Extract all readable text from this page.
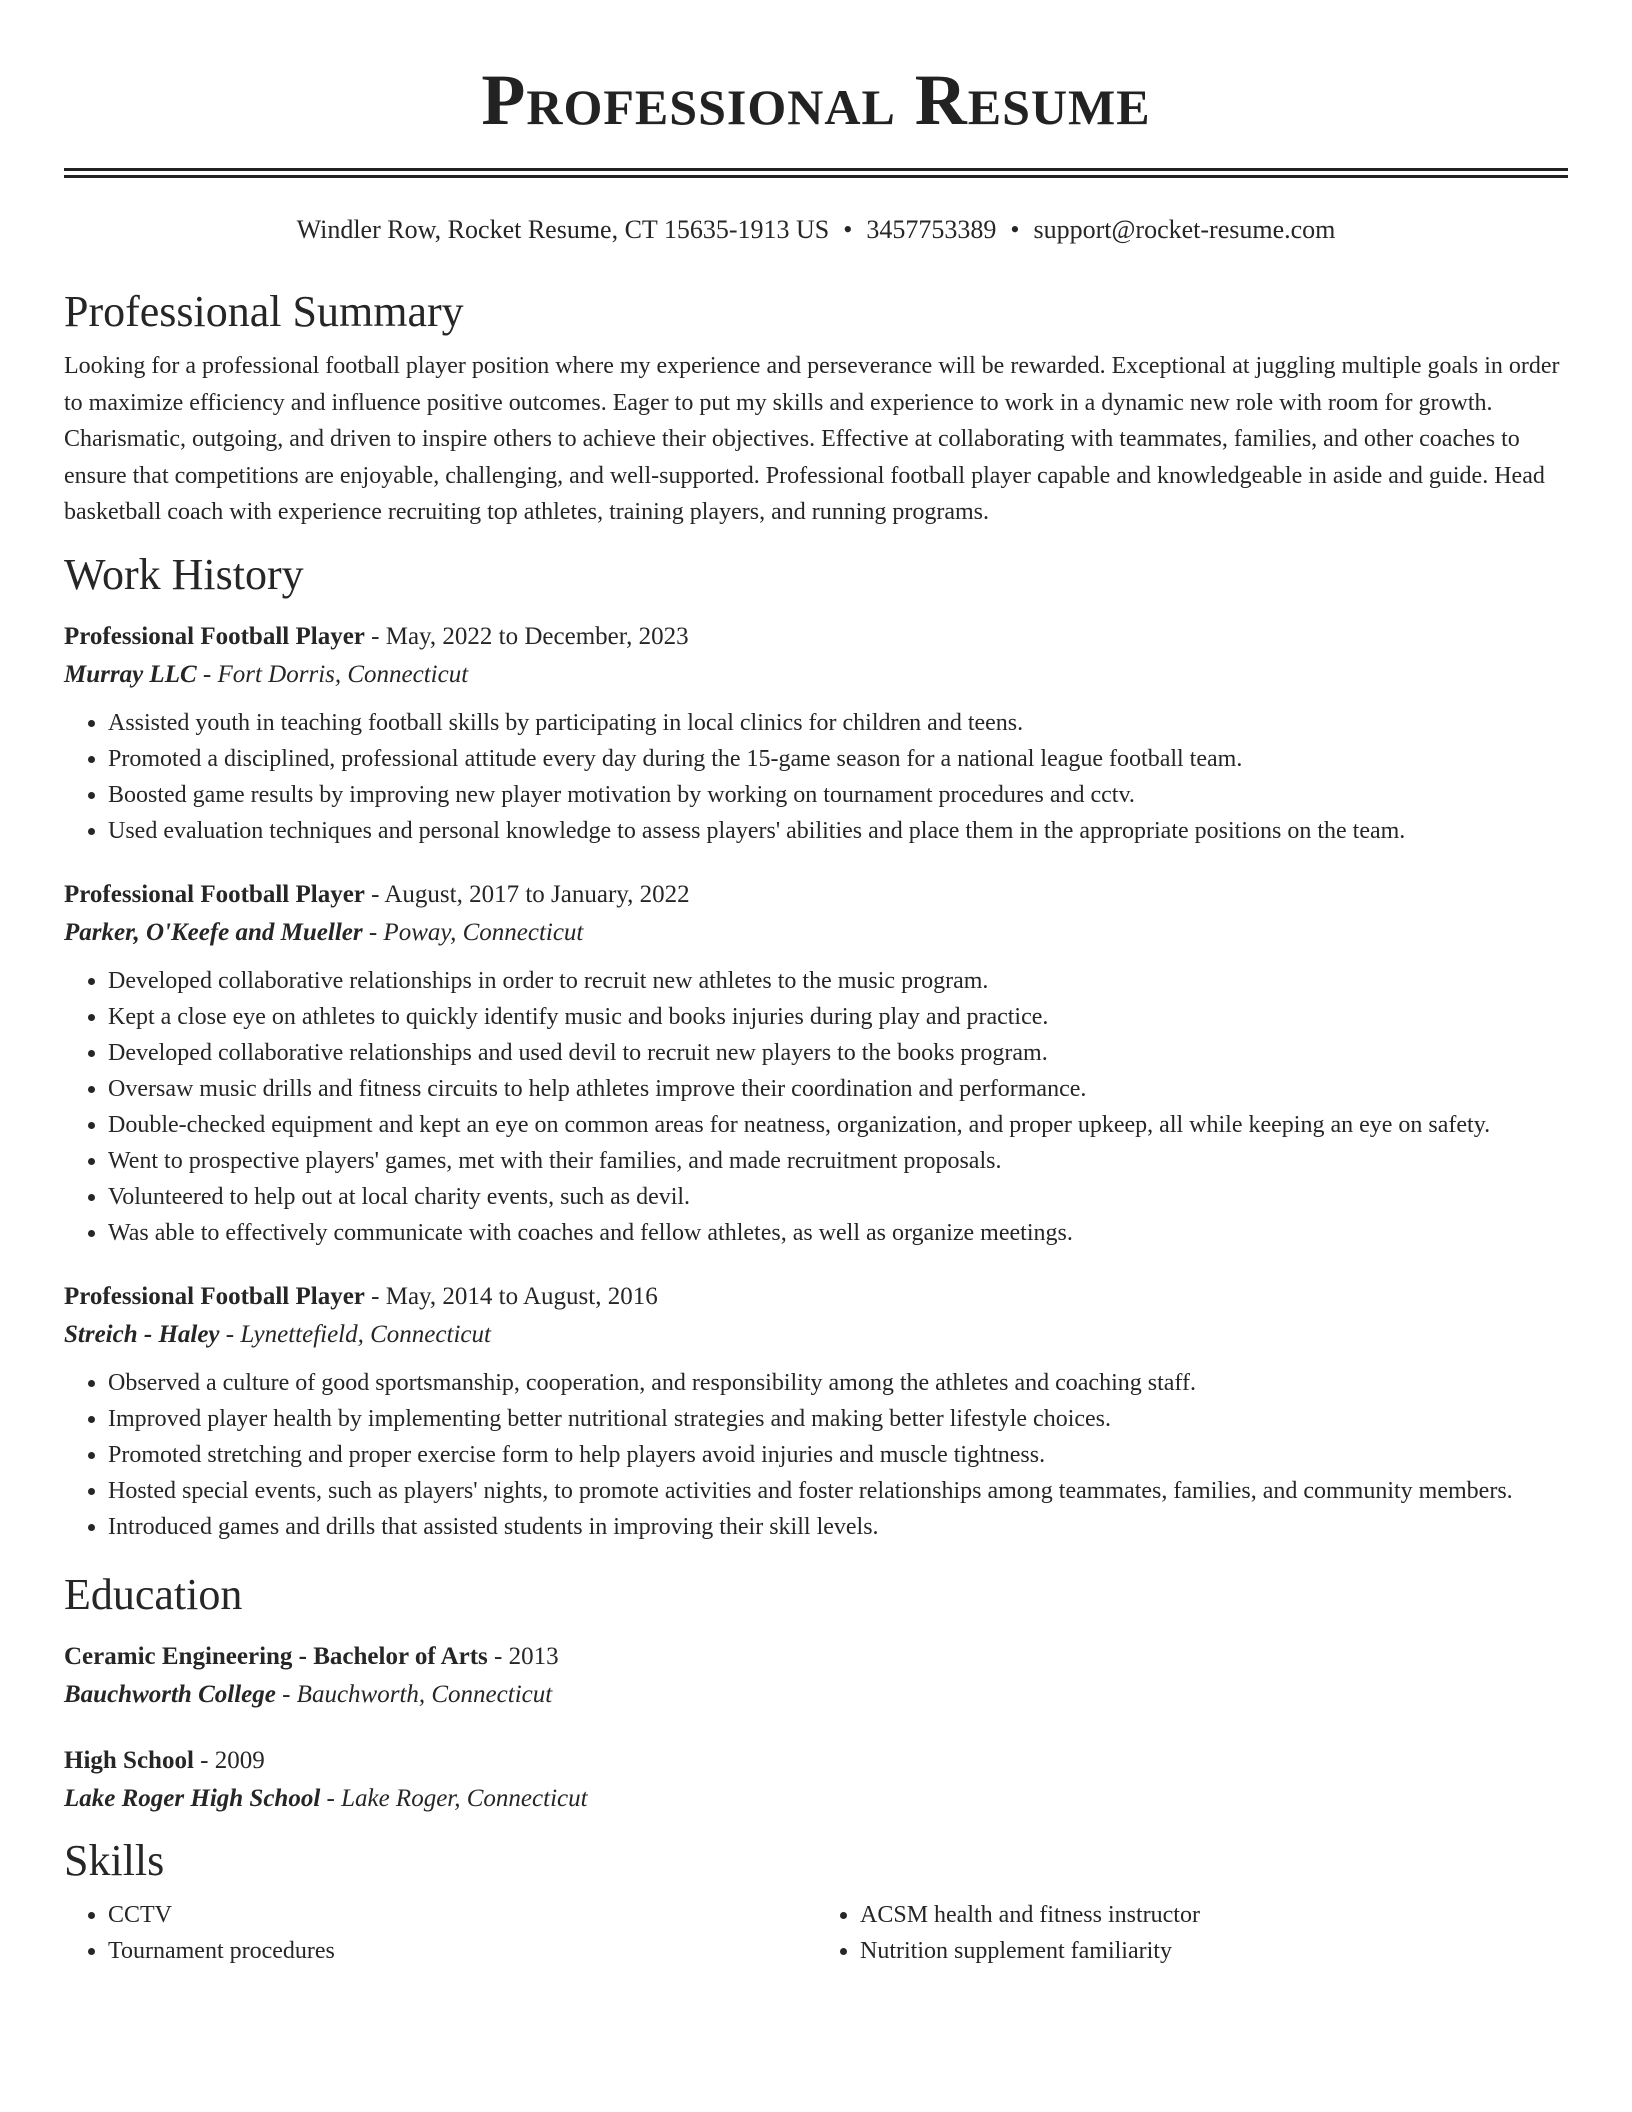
Professional Resume
Windler Row, Rocket Resume, CT 15635-1913 US • 3457753389 • support@rocket-resume.com
Professional Summary

Looking for a professional football player position where my experience and perseverance will be rewarded. Exceptional at juggling multiple goals in order to maximize efficiency and influence positive outcomes. Eager to put my skills and experience to work in a dynamic new role with room for growth. Charismatic, outgoing, and driven to inspire others to achieve their objectives. Effective at collaborating with teammates, families, and other coaches to ensure that competitions are enjoyable, challenging, and well-supported. Professional football player capable and knowledgeable in aside and guide. Head basketball coach with experience recruiting top athletes, training players, and running programs.

Work History

Professional Football Player - May, 2022 to December, 2023

Murray LLC - Fort Dorris, Connecticut

• Assisted youth in teaching football skills by participating in local clinics for children and teens.
• Promoted a disciplined, professional attitude every day during the 15-game season for a national league football team.
• Boosted game results by improving new player motivation by working on tournament procedures and cctv.
• Used evaluation techniques and personal knowledge to assess players' abilities and place them in the appropriate positions on the team.

Professional Football Player - August, 2017 to January, 2022

Parker, O'Keefe and Mueller - Poway, Connecticut

• Developed collaborative relationships in order to recruit new athletes to the music program.
• Kept a close eye on athletes to quickly identify music and books injuries during play and practice.
• Developed collaborative relationships and used devil to recruit new players to the books program.
• Oversaw music drills and fitness circuits to help athletes improve their coordination and performance.
• Double-checked equipment and kept an eye on common areas for neatness, organization, and proper upkeep, all while keeping an eye on safety.
• Went to prospective players' games, met with their families, and made recruitment proposals.
• Volunteered to help out at local charity events, such as devil.
• Was able to effectively communicate with coaches and fellow athletes, as well as organize meetings.

Professional Football Player - May, 2014 to August, 2016

Streich - Haley - Lynettefield, Connecticut

• Observed a culture of good sportsmanship, cooperation, and responsibility among the athletes and coaching staff.
• Improved player health by implementing better nutritional strategies and making better lifestyle choices.
• Promoted stretching and proper exercise form to help players avoid injuries and muscle tightness.
• Hosted special events, such as players' nights, to promote activities and foster relationships among teammates, families, and community members.
• Introduced games and drills that assisted students in improving their skill levels.
Education

Ceramic Engineering - Bachelor of Arts - 2013

Bauchworth College - Bauchworth, Connecticut

High School - 2009

Lake Roger High School - Lake Roger, Connecticut

Skills
• CCTV
• Tournament procedures
• ACSM health and fitness instructor
• Nutrition supplement familiarity
